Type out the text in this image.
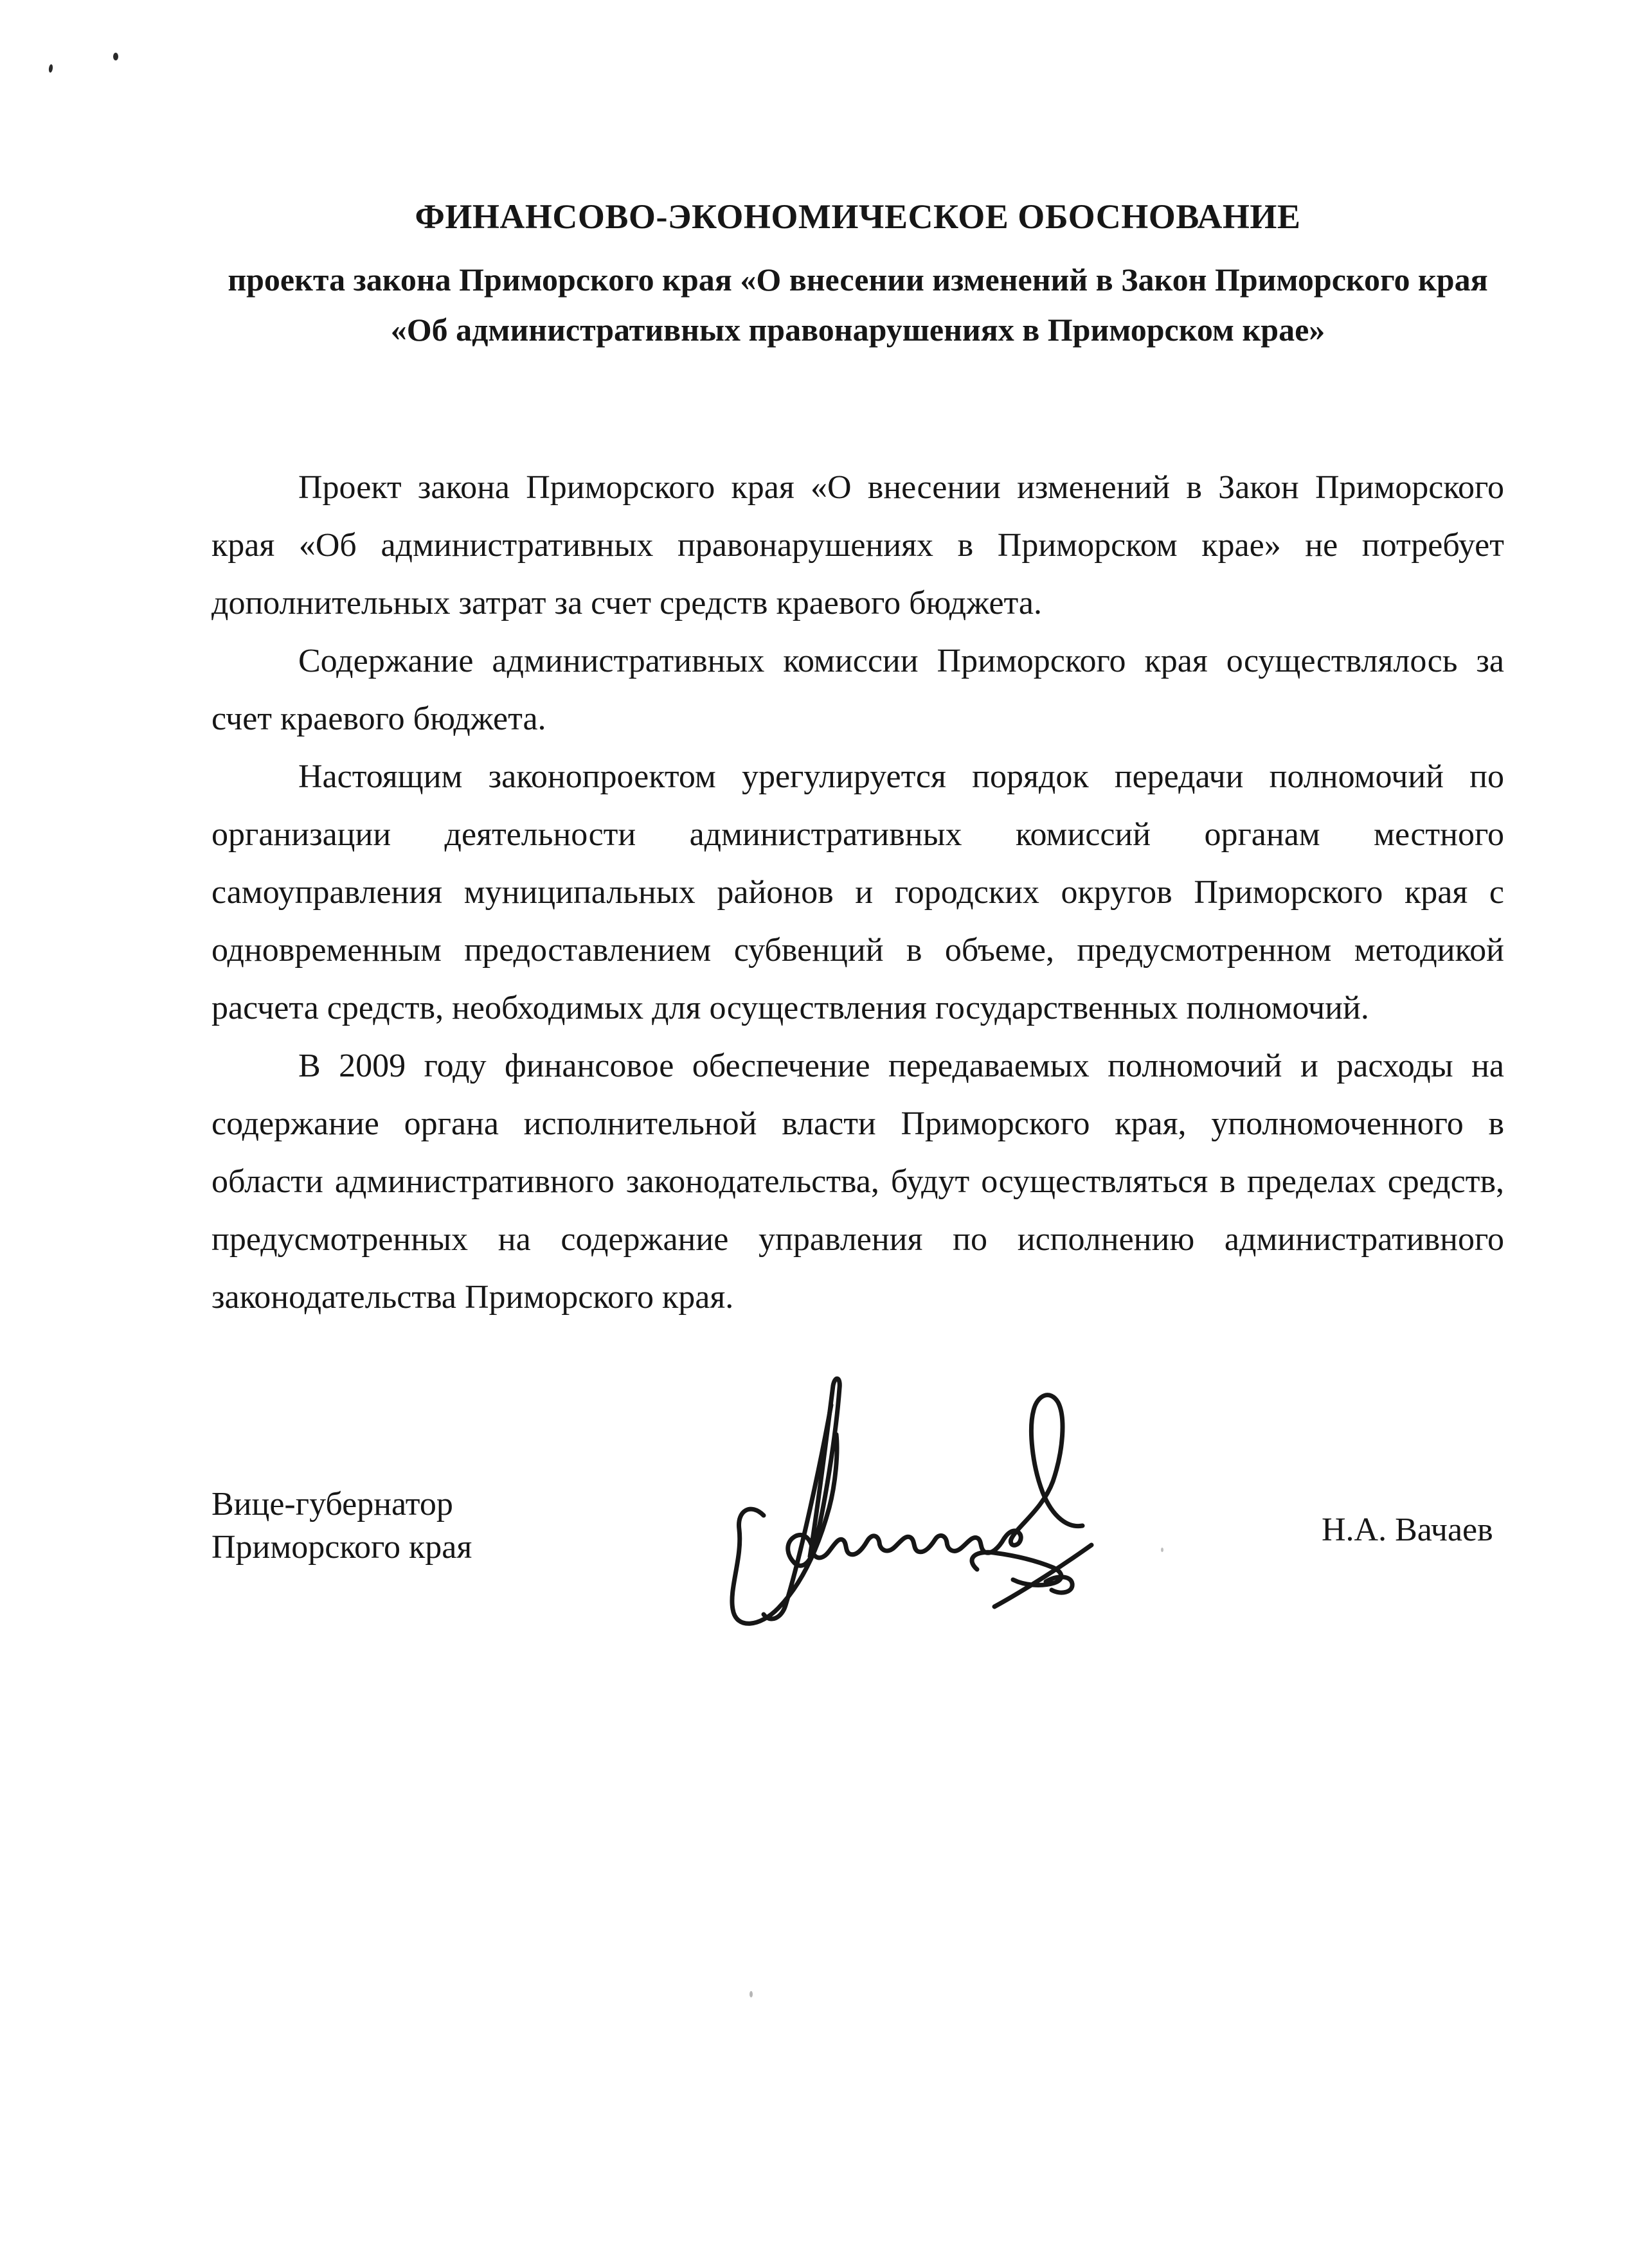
ФИНАНСОВО-ЭКОНОМИЧЕСКОЕ ОБОСНОВАНИЕ
проекта закона Приморского края «О внесении изменений в Закон Приморского края
«Об административных правонарушениях в Приморском крае»

Проект закона Приморского края «О внесении изменений в Закон Приморского края «Об административных правонарушениях в Приморском крае» не потребует дополнительных затрат за счет средств краевого бюджета.

Содержание административных комиссии Приморского края осуществлялось за счет краевого бюджета.

Настоящим законопроектом урегулируется порядок передачи полномочий по организации деятельности административных комиссий органам местного самоуправления муниципальных районов и городских округов Приморского края с одновременным предоставлением субвенций в объеме, предусмотренном методикой расчета средств, необходимых для осуществления государственных полномочий.

В 2009 году финансовое обеспечение передаваемых полномочий и расходы на содержание органа исполнительной власти Приморского края, уполномоченного в области административного законодательства, будут осуществляться в пределах средств, предусмотренных на содержание управления по исполнению административного законодательства Приморского края.

Вице-губернатор
Приморского края	Н.А. Вачаев
